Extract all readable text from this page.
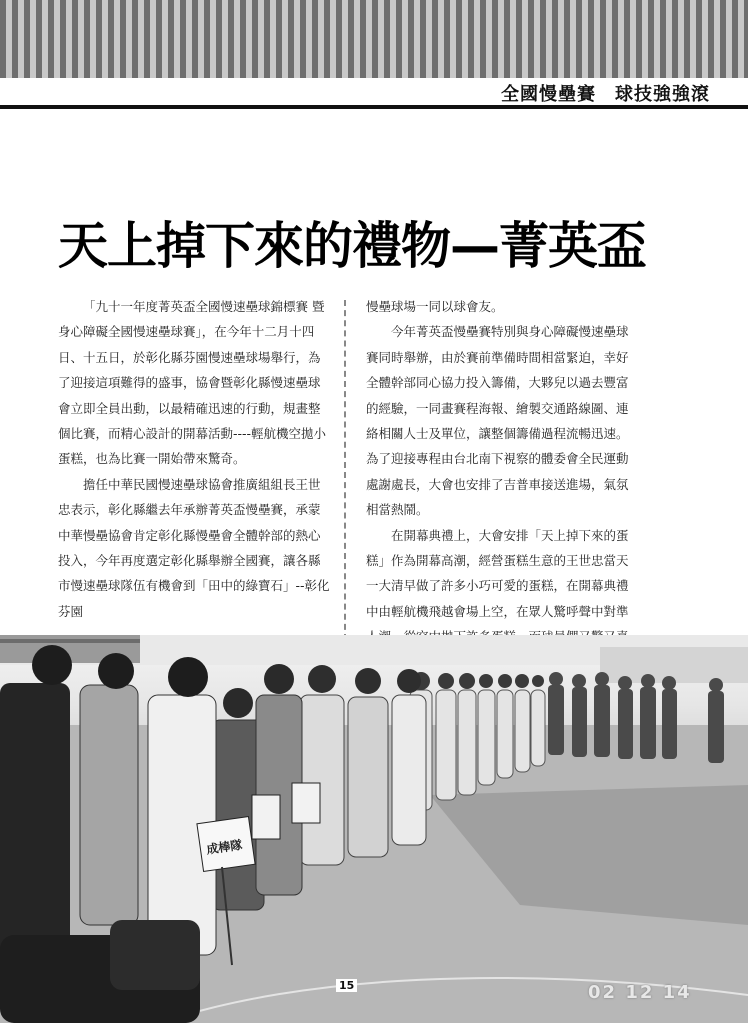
全國慢壘賽　球技強強滾
天上掉下來的禮物—菁英盃

「九十一年度菁英盃全國慢速壘球錦標賽 暨 身心障礙全國慢速壘球賽」，在今年十二月十四日、十五日，於彰化縣芬園慢速壘球場舉行，為了迎接這項難得的盛事，協會暨彰化縣慢速壘球會立即全員出動，以最精確迅速的行動，規畫整個比賽，而精心設計的開幕活動----輕航機空拋小蛋糕，也為比賽一開始帶來驚奇。

擔任中華民國慢速壘球協會推廣組組長王世忠表示，彰化縣繼去年承辦菁英盃慢壘賽，承蒙中華慢壘協會肯定彰化縣慢壘會全體幹部的熱心投入，今年再度選定彰化縣舉辦全國賽，讓各縣市慢速壘球隊伍有機會到「田中的綠寶石」--彰化芬園

慢壘球場一同以球會友。

今年菁英盃慢壘賽特別與身心障礙慢速壘球賽同時舉辦，由於賽前準備時間相當緊迫，幸好全體幹部同心協力投入籌備，大夥兒以過去豐富的經驗，一同畫賽程海報、繪製交通路線圖、連絡相關人士及單位，讓整個籌備過程流暢迅速。為了迎接專程由台北南下視察的體委會全民運動處謝處長，大會也安排了吉普車接送進場，氣氛相當熱鬧。

在開幕典禮上，大會安排「天上掉下來的蛋糕」作為開幕高潮，經營蛋糕生意的王世忠當天一大清早做了許多小巧可愛的蛋糕，在開幕典禮中由輕航機飛越會場上空，在眾人驚呼聲中對準

成棒隊
15	02 12 14
